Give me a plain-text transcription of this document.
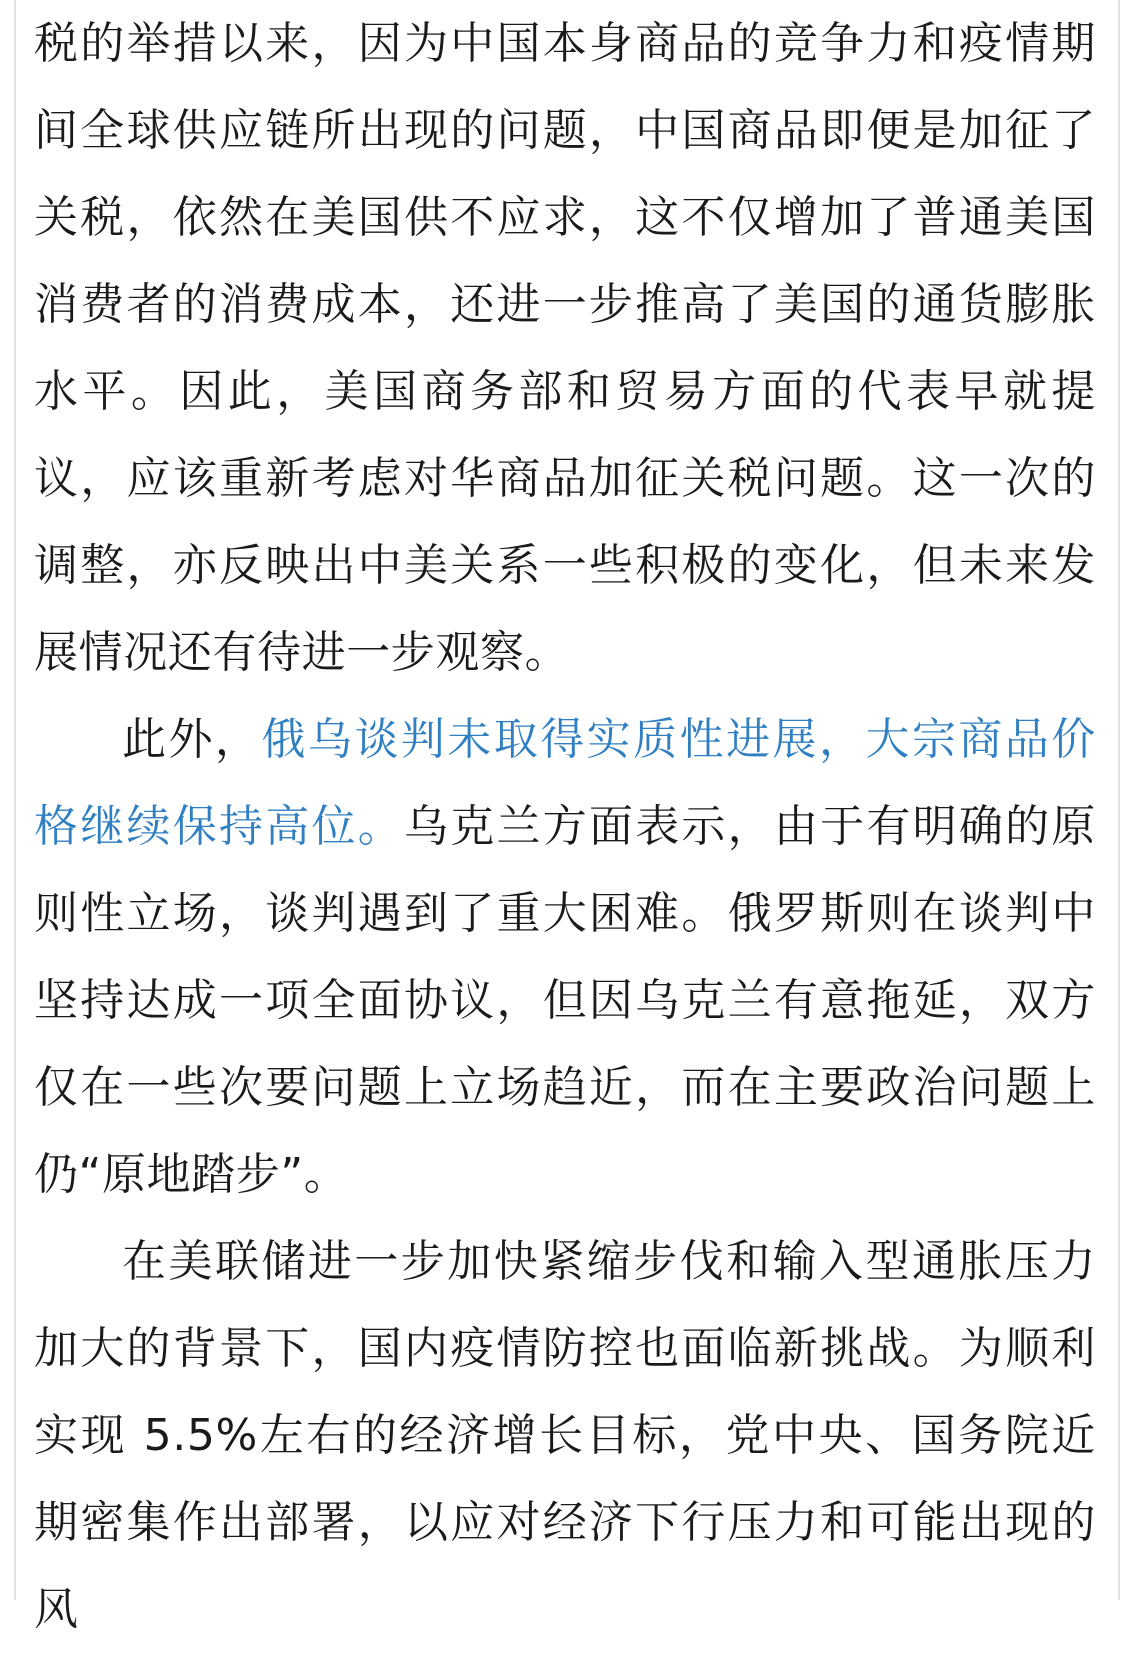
税的举措以来，因为中国本身商品的竞争力和疫情期间全球供应链所出现的问题，中国商品即便是加征了关税，依然在美国供不应求，这不仅增加了普通美国消费者的消费成本，还进一步推高了美国的通货膨胀水平。因此，美国商务部和贸易方面的代表早就提议，应该重新考虑对华商品加征关税问题。这一次的调整，亦反映出中美关系一些积极的变化，但未来发展情况还有待进一步观察。

此外，俄乌谈判未取得实质性进展，大宗商品价格继续保持高位。乌克兰方面表示，由于有明确的原则性立场，谈判遇到了重大困难。俄罗斯则在谈判中坚持达成一项全面协议，但因乌克兰有意拖延，双方仅在一些次要问题上立场趋近，而在主要政治问题上仍“原地踏步”。

在美联储进一步加快紧缩步伐和输入型通胀压力加大的背景下，国内疫情防控也面临新挑战。为顺利实现 5.5%左右的经济增长目标，党中央、国务院近期密集作出部署，以应对经济下行压力和可能出现的风
